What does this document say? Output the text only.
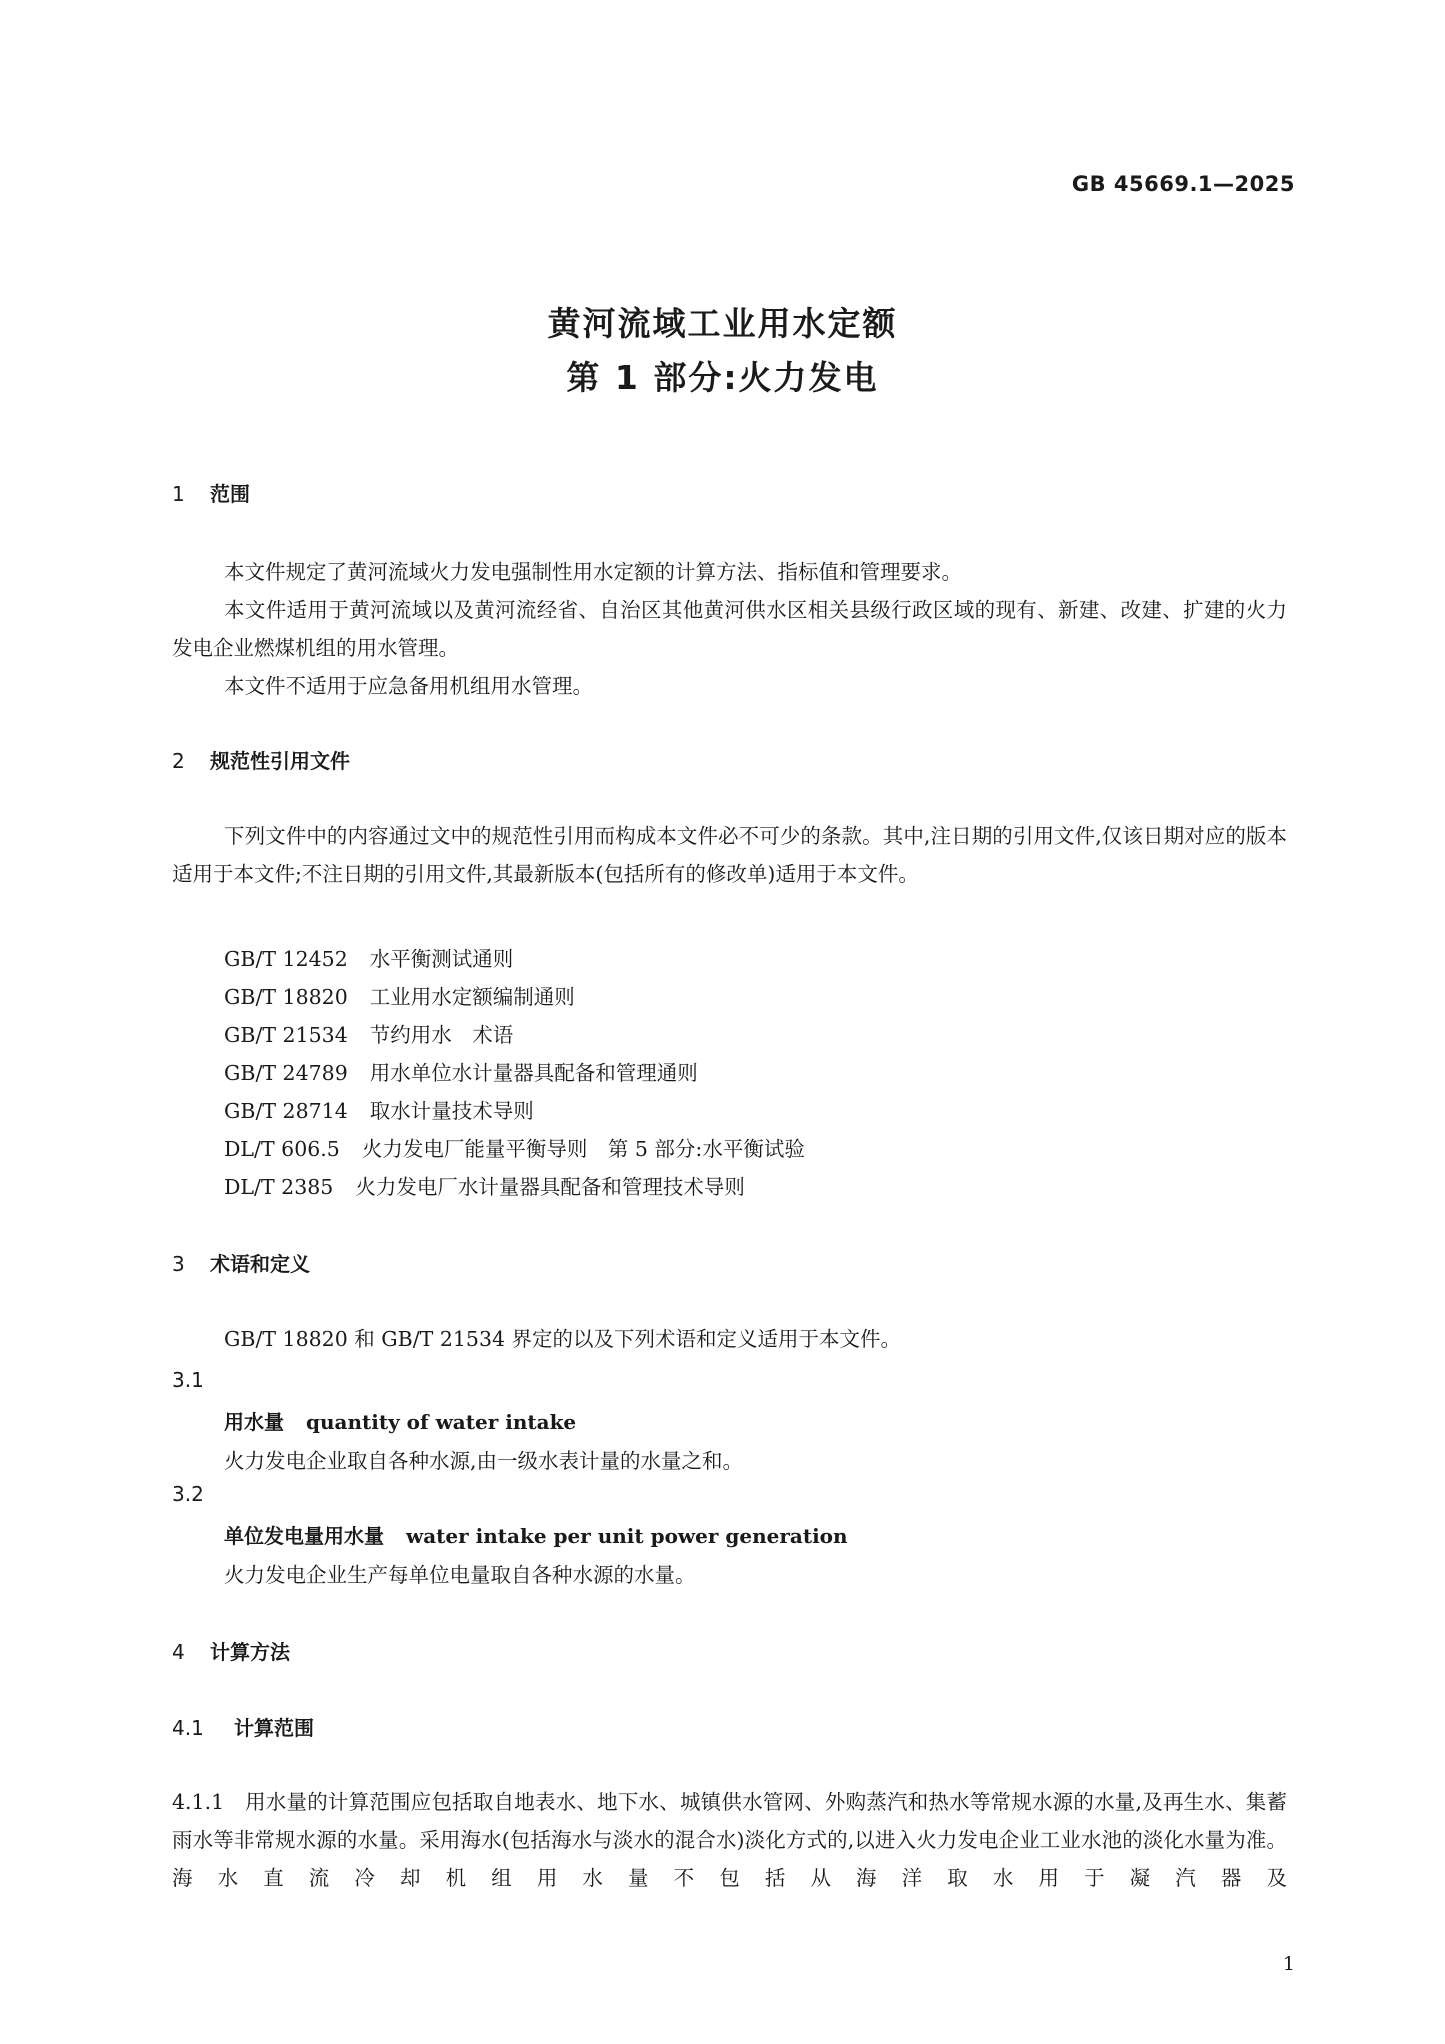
GB 45669.1—2025
黄河流域工业用水定额
第 1 部分:火力发电
1 范围
本文件规定了黄河流域火力发电强制性用水定额的计算方法、指标值和管理要求。
本文件适用于黄河流域以及黄河流经省、自治区其他黄河供水区相关县级行政区域的现有、新建、改建、扩建的火力发电企业燃煤机组的用水管理。
本文件不适用于应急备用机组用水管理。
2 规范性引用文件
下列文件中的内容通过文中的规范性引用而构成本文件必不可少的条款。其中,注日期的引用文件,仅该日期对应的版本适用于本文件;不注日期的引用文件,其最新版本(包括所有的修改单)适用于本文件。
GB/T 12452 水平衡测试通则
GB/T 18820 工业用水定额编制通则
GB/T 21534 节约用水　术语
GB/T 24789 用水单位水计量器具配备和管理通则
GB/T 28714 取水计量技术导则
DL/T 606.5 火力发电厂能量平衡导则　第 5 部分:水平衡试验
DL/T 2385 火力发电厂水计量器具配备和管理技术导则
3 术语和定义
GB/T 18820 和 GB/T 21534 界定的以及下列术语和定义适用于本文件。
3.1
用水量 quantity of water intake
火力发电企业取自各种水源,由一级水表计量的水量之和。
3.2
单位发电量用水量 water intake per unit power generation
火力发电企业生产每单位电量取自各种水源的水量。
4 计算方法
4.1 计算范围
4.1.1　用水量的计算范围应包括取自地表水、地下水、城镇供水管网、外购蒸汽和热水等常规水源的水量,及再生水、集蓄雨水等非常规水源的水量。采用海水(包括海水与淡水的混合水)淡化方式的,以进入火力发电企业工业水池的淡化水量为准。海水直流冷却机组用水量不包括从海洋取水用于凝汽器及
1
